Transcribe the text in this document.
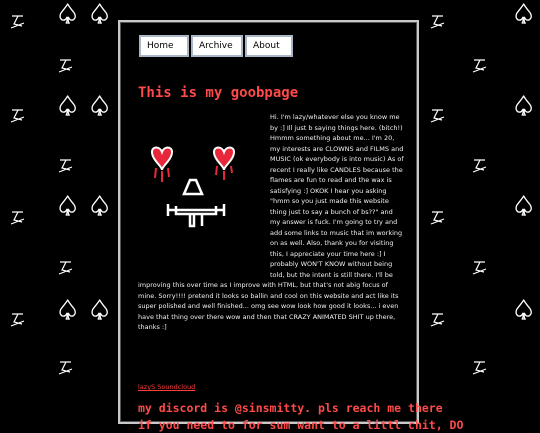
♠ ♠
♠ ♠
♠ ♠
♠ ♠
♠
♠
♠
♠
Home	Archive	About
This is my goobpage

Hi. I'm lazy/whatever else you know me by :] Ill just b saying things here. (bitch!) Hmmm something about me... I'm 20, my interests are CLOWNS and FILMS and MUSIC (ok everybody is into music) As of recent I really like CANDLES because the flames are fun to read and the wax is satisfying :] OKOK I hear you asking "hmm so you just made this website thing just to say a bunch of bs??" and my answer is fuck. I'm going to try and add some links to music that im working on as well. Also, thank you for visiting this, I appreciate your time here :] I probably WON'T KNOW without being told, but the intent is still there. I'll be improving this over time as I improve with HTML, but that's not abig focus of mine. Sorry!!!! pretend it looks so ballin and cool on this website and act like its super polished and well finished... omg see wow look how good it looks... i even have that thing over there wow and then that CRAZY ANIMATED SHIT up there, thanks :]

lazyS Soundcloud

my discord is @sinsmitty. pls reach me there
if you need to for sum want to a littl chit, DO
